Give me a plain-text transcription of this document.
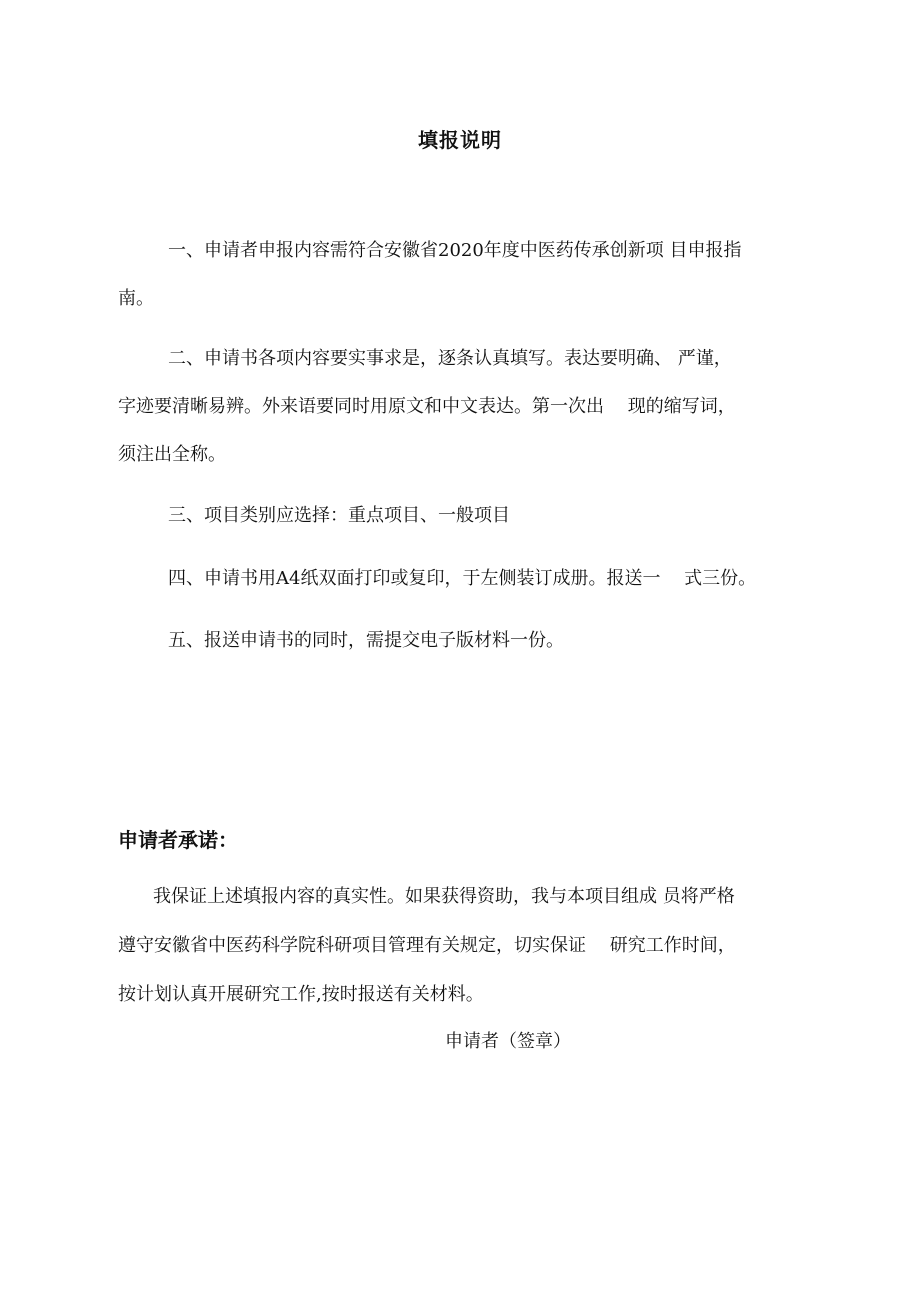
填报说明
一、申请者申报内容需符合安徽省2020年度中医药传承创新项 目申报指
南。
二、申请书各项内容要实事求是，逐条认真填写。表达要明确、 严谨，
字迹要清晰易辨。外来语要同时用原文和中文表达。第一次出　 现的缩写词，
须注出全称。
三、项目类别应选择：重点项目、一般项目
四、申请书用A4纸双面打印或复印，于左侧装订成册。报送一　 式三份。
五、报送申请书的同时，需提交电子版材料一份。
申请者承诺：
我保证上述填报内容的真实性。如果获得资助，我与本项目组成 员将严格
遵守安徽省中医药科学院科研项目管理有关规定，切实保证　 研究工作时间，
按计划认真开展研究工作,按时报送有关材料。
申请者（签章）
